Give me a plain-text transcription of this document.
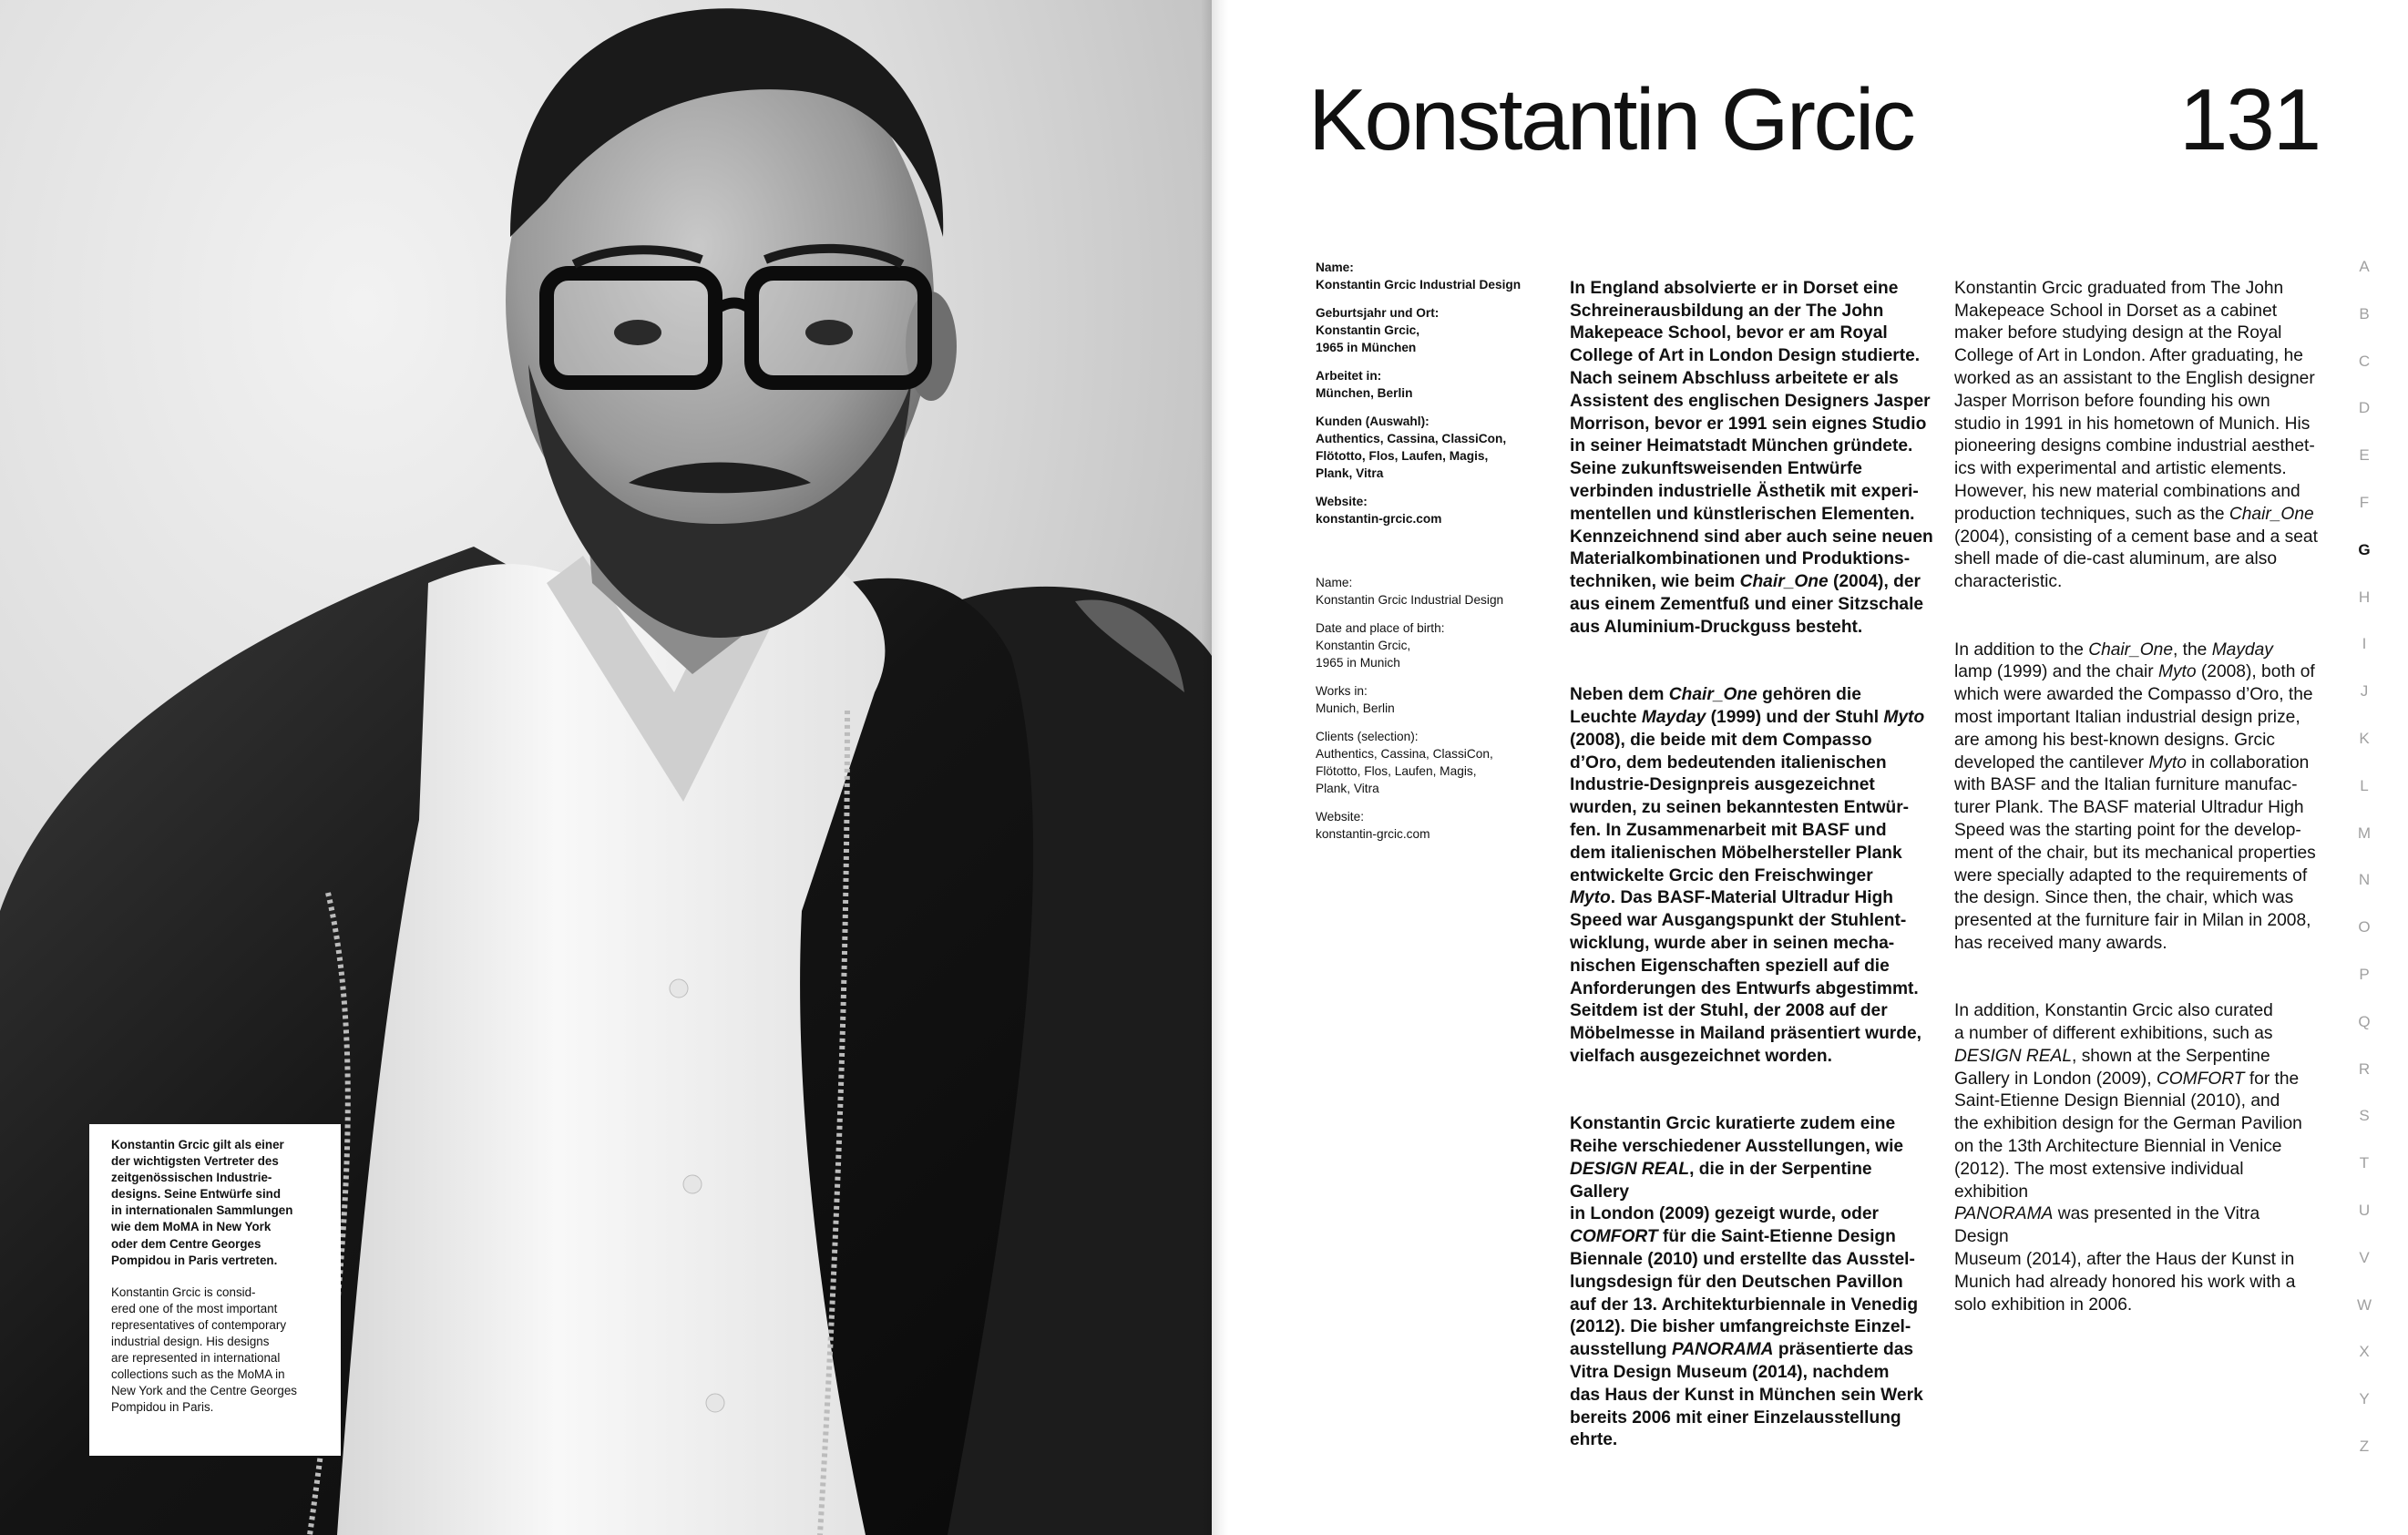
Konstantin Grcic gilt als einer
der wichtigsten Vertreter des
zeitgenössischen Industrie-
designs. Seine Entwürfe sind
in internationalen Sammlungen
wie dem MoMA in New York
oder dem Centre Georges
Pompidou in Paris vertreten.
Konstantin Grcic is consid-
ered one of the most important
representatives of contemporary
industrial design. His designs
are represented in international
collections such as the MoMA in
New York and the Centre Georges
Pompidou in Paris.
Konstantin Grcic	131
Name:
Konstantin Grcic Industrial Design
Geburtsjahr und Ort:
Konstantin Grcic,
1965 in München
Arbeitet in:
München, Berlin
Kunden (Auswahl):
Authentics, Cassina, ClassiCon,
Flötotto, Flos, Laufen, Magis,
Plank, Vitra
Website:
konstantin-grcic.com
Name:
Konstantin Grcic Industrial Design
Date and place of birth:
Konstantin Grcic,
1965 in Munich
Works in:
Munich, Berlin
Clients (selection):
Authentics, Cassina, ClassiCon,
Flötotto, Flos, Laufen, Magis,
Plank, Vitra
Website:
konstantin-grcic.com

In England absolvierte er in Dorset eine
Schreinerausbildung an der The John
Makepeace School, bevor er am Royal
College of Art in London Design studierte.
Nach seinem Abschluss arbeitete er als
Assistent des englischen Designers Jasper
Morrison, bevor er 1991 sein eignes Studio
in seiner Heimatstadt München gründete.
Seine zukunftsweisenden Entwürfe
verbinden industrielle Ästhetik mit experi-
mentellen und künstlerischen Elementen.
Kennzeichnend sind aber auch seine neuen
Materialkombinationen und Produktions-
techniken, wie beim Chair_One (2004), der
aus einem Zementfuß und einer Sitzschale
aus Aluminium-Druckguss besteht.

Neben dem Chair_One gehören die
Leuchte Mayday (1999) und der Stuhl Myto
(2008), die beide mit dem Compasso
d’Oro, dem bedeutenden italienischen
Industrie-Designpreis ausgezeichnet
wurden, zu seinen bekanntesten Entwür-
fen. In Zusammenarbeit mit BASF und
dem italienischen Möbelhersteller Plank
entwickelte Grcic den Freischwinger
Myto. Das BASF-Material Ultradur High
Speed war Ausgangspunkt der Stuhlent-
wicklung, wurde aber in seinen mecha-
nischen Eigenschaften speziell auf die
Anforderungen des Entwurfs abgestimmt.
Seitdem ist der Stuhl, der 2008 auf der
Möbelmesse in Mailand präsentiert wurde,
vielfach ausgezeichnet worden.

Konstantin Grcic kuratierte zudem eine
Reihe verschiedener Ausstellungen, wie
DESIGN REAL, die in der Serpentine Gallery
in London (2009) gezeigt wurde, oder
COMFORT für die Saint-Etienne Design
Biennale (2010) und erstellte das Ausstel-
lungsdesign für den Deutschen Pavillon
auf der 13. Architekturbiennale in Venedig
(2012). Die bisher umfangreichste Einzel-
ausstellung PANORAMA präsentierte das
Vitra Design Museum (2014), nachdem
das Haus der Kunst in München sein Werk
bereits 2006 mit einer Einzelausstellung
ehrte.

Konstantin Grcic graduated from The John
Makepeace School in Dorset as a cabinet
maker before studying design at the Royal
College of Art in London. After graduating, he
worked as an assistant to the English designer
Jasper Morrison before founding his own
studio in 1991 in his hometown of Munich. His
pioneering designs combine industrial aesthet-
ics with experimental and artistic elements.
However, his new material combinations and
production techniques, such as the Chair_One
(2004), consisting of a cement base and a seat
shell made of die-cast aluminum, are also
characteristic.

In addition to the Chair_One, the Mayday
lamp (1999) and the chair Myto (2008), both of
which were awarded the Compasso d’Oro, the
most important Italian industrial design prize,
are among his best-known designs. Grcic
developed the cantilever Myto in collaboration
with BASF and the Italian furniture manufac-
turer Plank. The BASF material Ultradur High
Speed was the starting point for the develop-
ment of the chair, but its mechanical properties
were specially adapted to the requirements of
the design. Since then, the chair, which was
presented at the furniture fair in Milan in 2008,
has received many awards.

In addition, Konstantin Grcic also curated
a number of different exhibitions, such as
DESIGN REAL, shown at the Serpentine
Gallery in London (2009), COMFORT for the
Saint-Etienne Design Biennial (2010), and
the exhibition design for the German Pavilion
on the 13th Architecture Biennial in Venice
(2012). The most extensive individual exhibition
PANORAMA was presented in the Vitra Design
Museum (2014), after the Haus der Kunst in
Munich had already honored his work with a
solo exhibition in 2006.

A
B
C
D
E
F
G
H
I
J
K
L
M
N
O
P
Q
R
S
T
U
V
W
X
Y
Z
